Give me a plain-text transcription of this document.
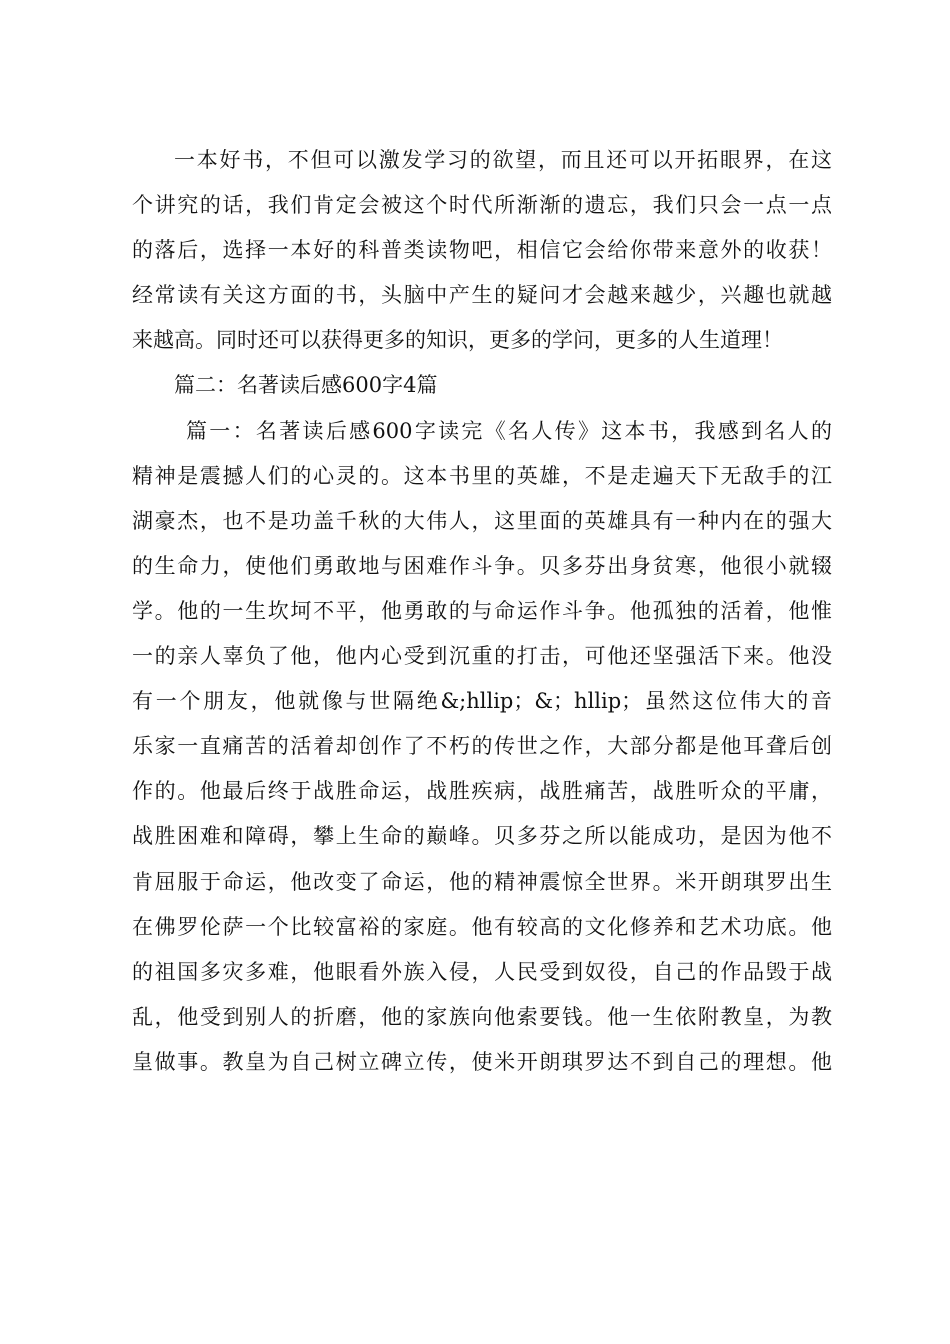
一本好书，不但可以激发学习的欲望，而且还可以开拓眼界，在这
个讲究的话，我们肯定会被这个时代所渐渐的遗忘，我们只会一点一点
的落后，选择一本好的科普类读物吧，相信它会给你带来意外的收获！
经常读有关这方面的书，头脑中产生的疑问才会越来越少，兴趣也就越
来越高。同时还可以获得更多的知识，更多的学问，更多的人生道理！
篇二：名著读后感600字4篇
篇一：名著读后感600字读完《名人传》这本书，我感到名人的
精神是震撼人们的心灵的。这本书里的英雄，不是走遍天下无敌手的江
湖豪杰，也不是功盖千秋的大伟人，这里面的英雄具有一种内在的强大
的生命力，使他们勇敢地与困难作斗争。贝多芬出身贫寒，他很小就辍
学。他的一生坎坷不平，他勇敢的与命运作斗争。他孤独的活着，他惟
一的亲人辜负了他，他内心受到沉重的打击，可他还坚强活下来。他没
有一个朋友，他就像与世隔绝&;hllip；&；hllip；虽然这位伟大的音
乐家一直痛苦的活着却创作了不朽的传世之作，大部分都是他耳聋后创
作的。他最后终于战胜命运，战胜疾病，战胜痛苦，战胜听众的平庸，
战胜困难和障碍，攀上生命的巅峰。贝多芬之所以能成功，是因为他不
肯屈服于命运，他改变了命运，他的精神震惊全世界。米开朗琪罗出生
在佛罗伦萨一个比较富裕的家庭。他有较高的文化修养和艺术功底。他
的祖国多灾多难，他眼看外族入侵，人民受到奴役，自己的作品毁于战
乱，他受到别人的折磨，他的家族向他索要钱。他一生依附教皇，为教
皇做事。教皇为自己树立碑立传，使米开朗琪罗达不到自己的理想。他
